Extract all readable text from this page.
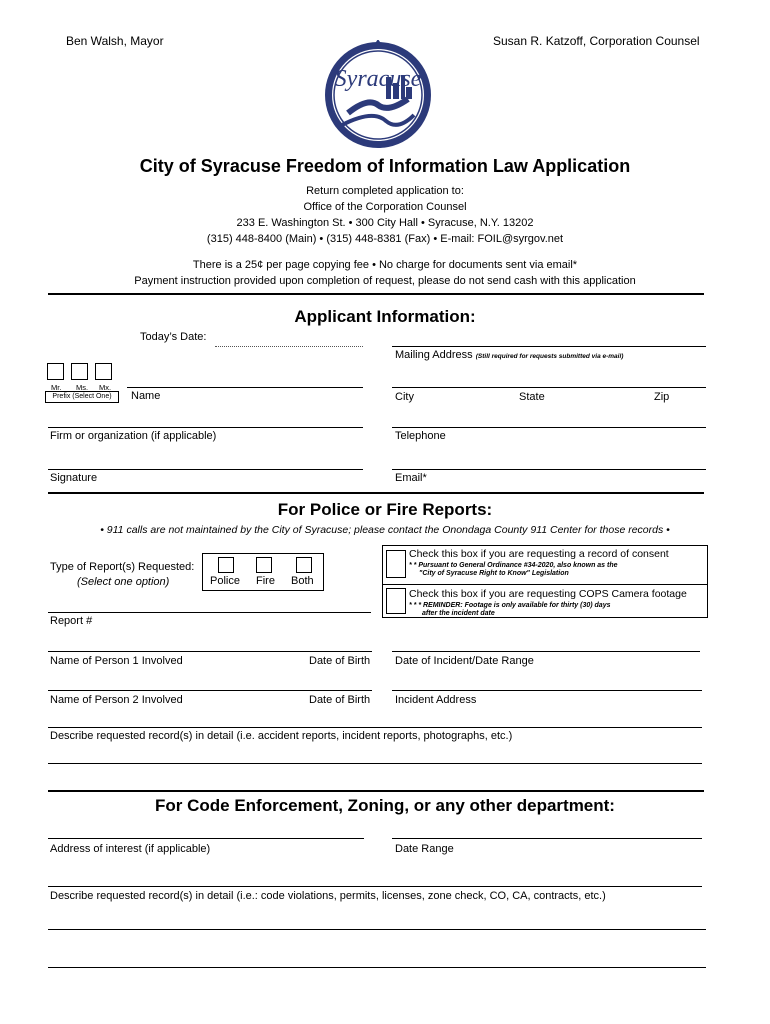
Ben Walsh, Mayor	Susan R. Katzoff, Corporation Counsel
Syracuse
City of Syracuse Freedom of Information Law Application
Return completed application to:
Office of the Corporation Counsel
233 E. Washington St. • 300 City Hall • Syracuse, N.Y. 13202
(315) 448-8400 (Main) • (315) 448-8381 (Fax) • E-mail: FOIL@syrgov.net
There is a 25¢ per page copying fee • No charge for documents sent via email*
Payment instruction provided upon completion of request, please do not send cash with this application
Applicant Information:
Today’s Date:
Mailing Address (Still required for requests submitted via e-mail)
Mr. Ms. Mx.
Prefix (Select One)	Name	City	State	Zip
Firm or organization (if applicable)	Telephone
Signature	Email*
For Police or Fire Reports:
• 911 calls are not maintained by the City of Syracuse; please contact the Onondaga County 911 Center for those records •
Type of Report(s) Requested:
(Select one option)	Police Fire Both
Check this box if you are requesting a record of consent
* * Pursuant to General Ordinance #34-2020, also known as the
"City of Syracuse Right to Know" Legislation
Check this box if you are requesting COPS Camera footage
* * * REMINDER: Footage is only available for thirty (30) days
after the incident date
Report #
Name of Person 1 Involved	Date of Birth Date of Incident/Date Range
Name of Person 2 Involved	Date of Birth Incident Address
Describe requested record(s) in detail (i.e. accident reports, incident reports, photographs, etc.)
For Code Enforcement, Zoning, or any other department:
Address of interest (if applicable)	Date Range
Describe requested record(s) in detail (i.e.: code violations, permits, licenses, zone check, CO, CA, contracts, etc.)
